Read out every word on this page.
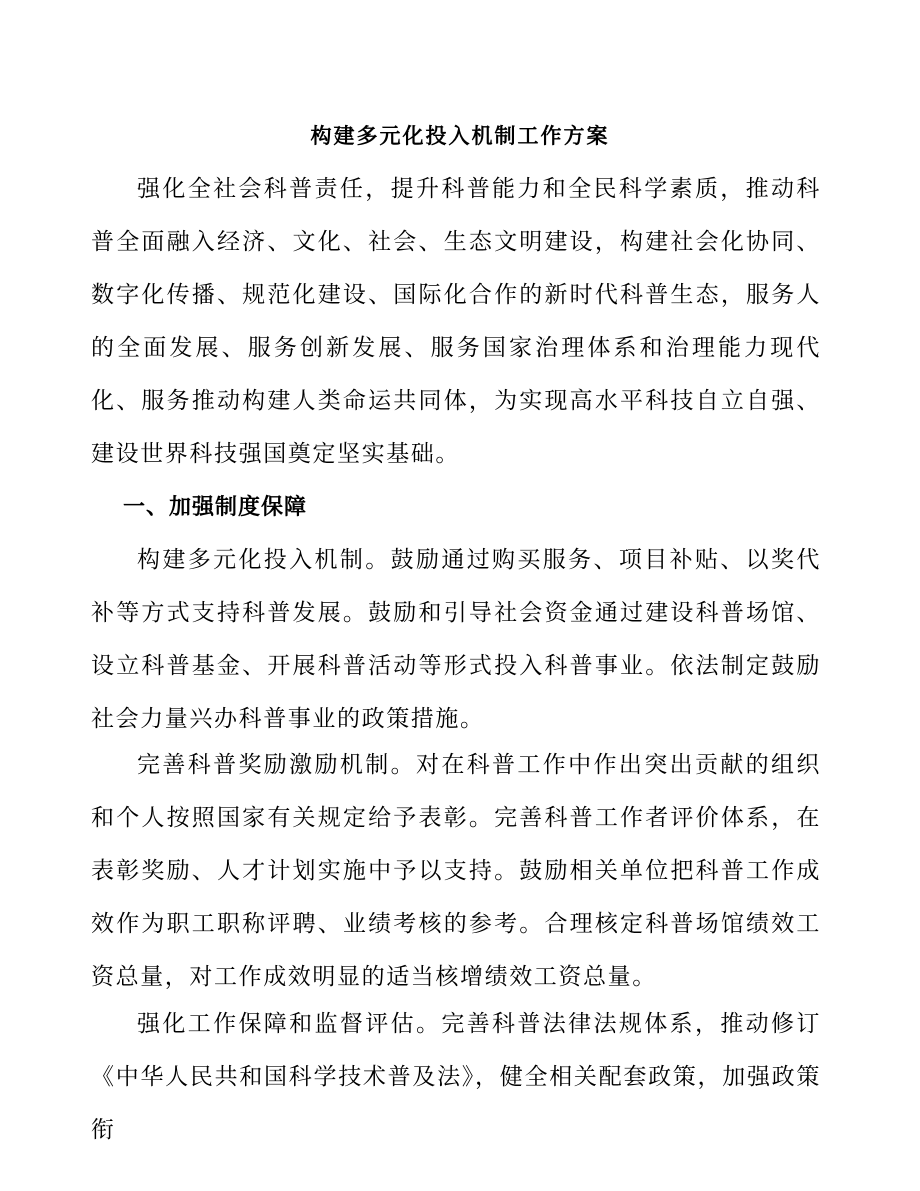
构建多元化投入机制工作方案

强化全社会科普责任，提升科普能力和全民科学素质，推动科普全面融入经济、文化、社会、生态文明建设，构建社会化协同、数字化传播、规范化建设、国际化合作的新时代科普生态，服务人的全面发展、服务创新发展、服务国家治理体系和治理能力现代化、服务推动构建人类命运共同体，为实现高水平科技自立自强、建设世界科技强国奠定坚实基础。

一、加强制度保障

构建多元化投入机制。鼓励通过购买服务、项目补贴、以奖代补等方式支持科普发展。鼓励和引导社会资金通过建设科普场馆、设立科普基金、开展科普活动等形式投入科普事业。依法制定鼓励社会力量兴办科普事业的政策措施。

完善科普奖励激励机制。对在科普工作中作出突出贡献的组织和个人按照国家有关规定给予表彰。完善科普工作者评价体系，在表彰奖励、人才计划实施中予以支持。鼓励相关单位把科普工作成效作为职工职称评聘、业绩考核的参考。合理核定科普场馆绩效工资总量，对工作成效明显的适当核增绩效工资总量。

强化工作保障和监督评估。完善科普法律法规体系，推动修订《中华人民共和国科学技术普及法》，健全相关配套政策，加强政策衔
